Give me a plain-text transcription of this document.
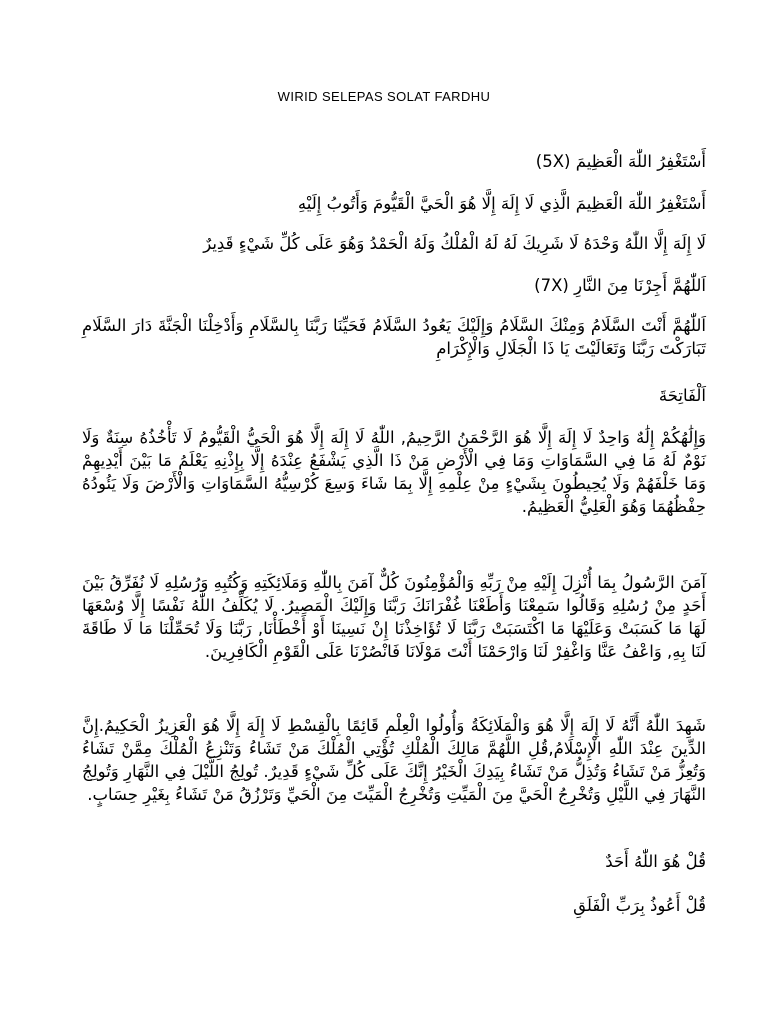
WIRID SELEPAS SOLAT FARDHU

أَسْتَغْفِرُ اللّٰهَ الْعَظِيمَ (5X)

أَسْتَغْفِرُ اللّٰهَ الْعَظِيمَ الَّذِي لَا إِلَهَ إِلَّا هُوَ الْحَيَّ الْقَيُّومَ وَأَتُوبُ إِلَيْهِ

لَا إِلَهَ إِلَّا اللّٰهُ وَحْدَهُ لَا شَرِيكَ لَهُ لَهُ الْمُلْكُ وَلَهُ الْحَمْدُ وَهُوَ عَلَى كُلِّ شَيْءٍ قَدِيرٌ

اَللّٰهُمَّ أَجِرْنَا مِنَ النَّارِ (7X)

اَللّٰهُمَّ أَنْتَ السَّلَامُ وَمِنْكَ السَّلَامُ وَإِلَيْكَ يَعُودُ السَّلَامُ فَحَيِّنَا رَبَّنَا بِالسَّلَامِ وَأَدْخِلْنَا الْجَنَّةَ دَارَ السَّلَامِ تَبَارَكْتَ رَبَّنَا وَتَعَالَيْتَ يَا ذَا الْجَلَالِ وَالْإِكْرَامِ

اَلْفَاتِحَةَ

وَإِلَٰهُكُمْ إِلَٰهٌ وَاحِدٌ لَا إِلَهَ إِلَّا هُوَ الرَّحْمَنُ الرَّحِيمُ, اللّٰهُ لَا إِلَهَ إِلَّا هُوَ الْحَيُّ الْقَيُّومُ لَا تَأْخُذُهُ سِنَةٌ وَلَا نَوْمٌ لَهُ مَا فِي السَّمَاوَاتِ وَمَا فِي الْأَرْضِ مَنْ ذَا الَّذِي يَشْفَعُ عِنْدَهُ إِلَّا بِإِذْنِهِ يَعْلَمُ مَا بَيْنَ أَيْدِيهِمْ وَمَا خَلْفَهُمْ وَلَا يُحِيطُونَ بِشَيْءٍ مِنْ عِلْمِهِ إِلَّا بِمَا شَاءَ وَسِعَ كُرْسِيُّهُ السَّمَاوَاتِ وَالْأَرْضَ وَلَا يَئُودُهُ حِفْظُهُمَا وَهُوَ الْعَلِيُّ الْعَظِيمُ.

آمَنَ الرَّسُولُ بِمَا أُنْزِلَ إِلَيْهِ مِنْ رَبِّهِ وَالْمُؤْمِنُونَ كُلٌّ آمَنَ بِاللّٰهِ وَمَلَائِكَتِهِ وَكُتُبِهِ وَرُسُلِهِ لَا نُفَرِّقُ بَيْنَ أَحَدٍ مِنْ رُسُلِهِ وَقَالُوا سَمِعْنَا وَأَطَعْنَا غُفْرَانَكَ رَبَّنَا وَإِلَيْكَ الْمَصِيرُ. لَا يُكَلِّفُ اللّٰهُ نَفْسًا إِلَّا وُسْعَهَا لَهَا مَا كَسَبَتْ وَعَلَيْهَا مَا اكْتَسَبَتْ رَبَّنَا لَا تُؤَاخِذْنَا إِنْ نَسِينَا أَوْ أَخْطَأْنَا, رَبَّنَا وَلَا تُحَمِّلْنَا مَا لَا طَاقَةَ لَنَا بِهِ, وَاعْفُ عَنَّا وَاغْفِرْ لَنَا وَارْحَمْنَا أَنْتَ مَوْلَانَا فَانْصُرْنَا عَلَى الْقَوْمِ الْكَافِرِينَ.

شَهِدَ اللّٰهُ أَنَّهُ لَا إِلَهَ إِلَّا هُوَ وَالْمَلَائِكَةُ وَأُولُوا الْعِلْمِ قَائِمًا بِالْقِسْطِ لَا إِلَهَ إِلَّا هُوَ الْعَزِيزُ الْحَكِيمُ.إِنَّ الدِّينَ عِنْدَ اللّٰهِ الْإِسْلَامُ,قُلِ اللَّهُمَّ مَالِكَ الْمُلْكِ تُؤْتِي الْمُلْكَ مَنْ تَشَاءُ وَتَنْزِعُ الْمُلْكَ مِمَّنْ تَشَاءُ وَتُعِزُّ مَنْ تَشَاءُ وَتُذِلُّ مَنْ تَشَاءُ بِيَدِكَ الْخَيْرُ إِنَّكَ عَلَى كُلِّ شَيْءٍ قَدِيرٌ. تُولِجُ اللَّيْلَ فِي النَّهَارِ وَتُولِجُ النَّهَارَ فِي اللَّيْلِ وَتُخْرِجُ الْحَيَّ مِنَ الْمَيِّتِ وَتُخْرِجُ الْمَيِّتَ مِنَ الْحَيِّ وَتَرْزُقُ مَنْ تَشَاءُ بِغَيْرِ حِسَابٍ.

قُلْ هُوَ اللّٰهُ أَحَدٌ

قُلْ أَعُوذُ بِرَبِّ الْفَلَقِ
